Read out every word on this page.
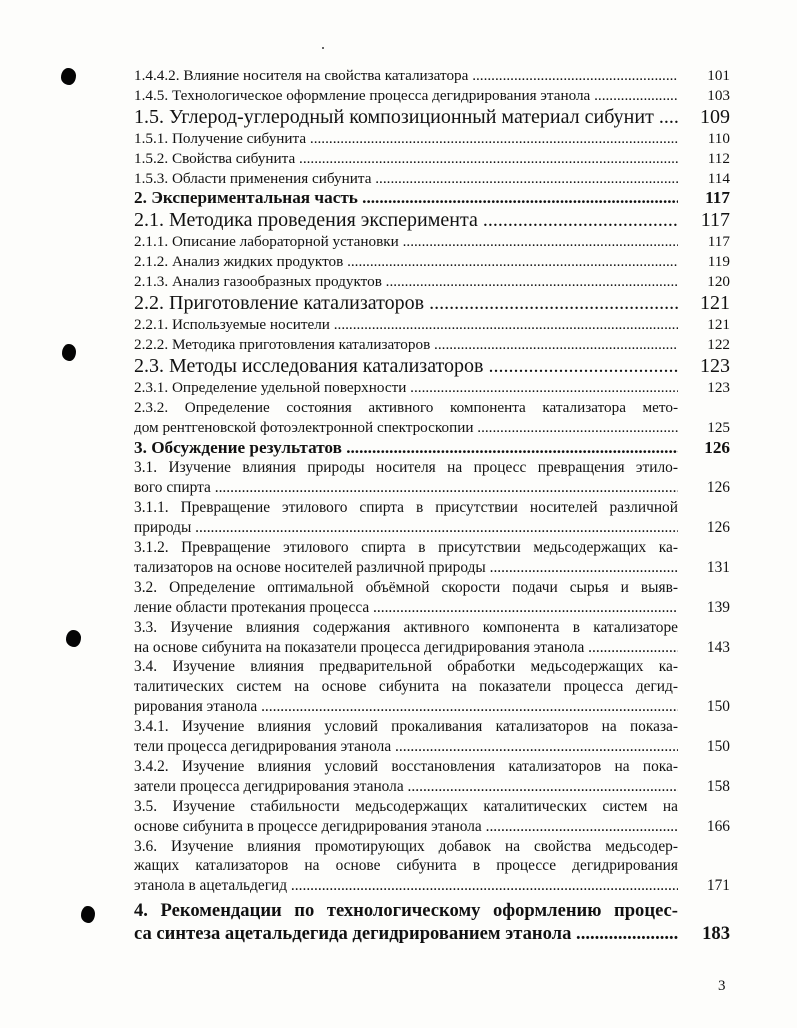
1.4.4.2. Влияние носителя на свойства катализатора .....	101
1.4.5. Технологическое оформление процесса дегидрирования этанола .....	103
1.5. Углерод-углеродный композиционный материал сибунит .....	109
1.5.1. Получение сибунита .....	110
1.5.2. Свойства сибунита .....	112
1.5.3. Области применения сибунита .....	114
2. Экспериментальная часть .....	117
2.1. Методика проведения эксперимента .....	117
2.1.1. Описание лабораторной установки .....	117
2.1.2. Анализ жидких продуктов .....	119
2.1.3. Анализ газообразных продуктов .....	120
2.2. Приготовление катализаторов .....	121
2.2.1. Используемые носители .....	121
2.2.2. Методика приготовления катализаторов .....	122
2.3. Методы исследования катализаторов .....	123
2.3.1. Определение удельной поверхности .....	123
2.3.2. Определение состояния активного компонента катализатора мето-
дом рентгеновской фотоэлектронной спектроскопии .....	125
3. Обсуждение результатов .....	126
3.1. Изучение влияния природы носителя на процесс превращения этило-
вого спирта .....	126
3.1.1. Превращение этилового спирта в присутствии носителей различной
природы .....	126
3.1.2. Превращение этилового спирта в присутствии медьсодержащих ка-
тализаторов на основе носителей различной природы .....	131
3.2. Определение оптимальной объёмной скорости подачи сырья и выяв-
ление области протекания процесса .....	139
3.3. Изучение влияния содержания активного компонента в катализаторе
на основе сибунита на показатели процесса дегидрирования этанола .....	143
3.4. Изучение влияния предварительной обработки медьсодержащих ка-
талитических систем на основе сибунита на показатели процесса дегид-
рирования этанола .....	150
3.4.1. Изучение влияния условий прокаливания катализаторов на показа-
тели процесса дегидрирования этанола .....	150
3.4.2. Изучение влияния условий восстановления катализаторов на пока-
затели процесса дегидрирования этанола .....	158
3.5. Изучение стабильности медьсодержащих каталитических систем на
основе сибунита в процессе дегидрирования этанола .....	166
3.6. Изучение влияния промотирующих добавок на свойства медьсодер-
жащих катализаторов на основе сибунита в процессе дегидрирования
этанола в ацетальдегид .....	171
4. Рекомендации по технологическому оформлению процес-
са синтеза ацетальдегида дегидрированием этанола .....	183
3
